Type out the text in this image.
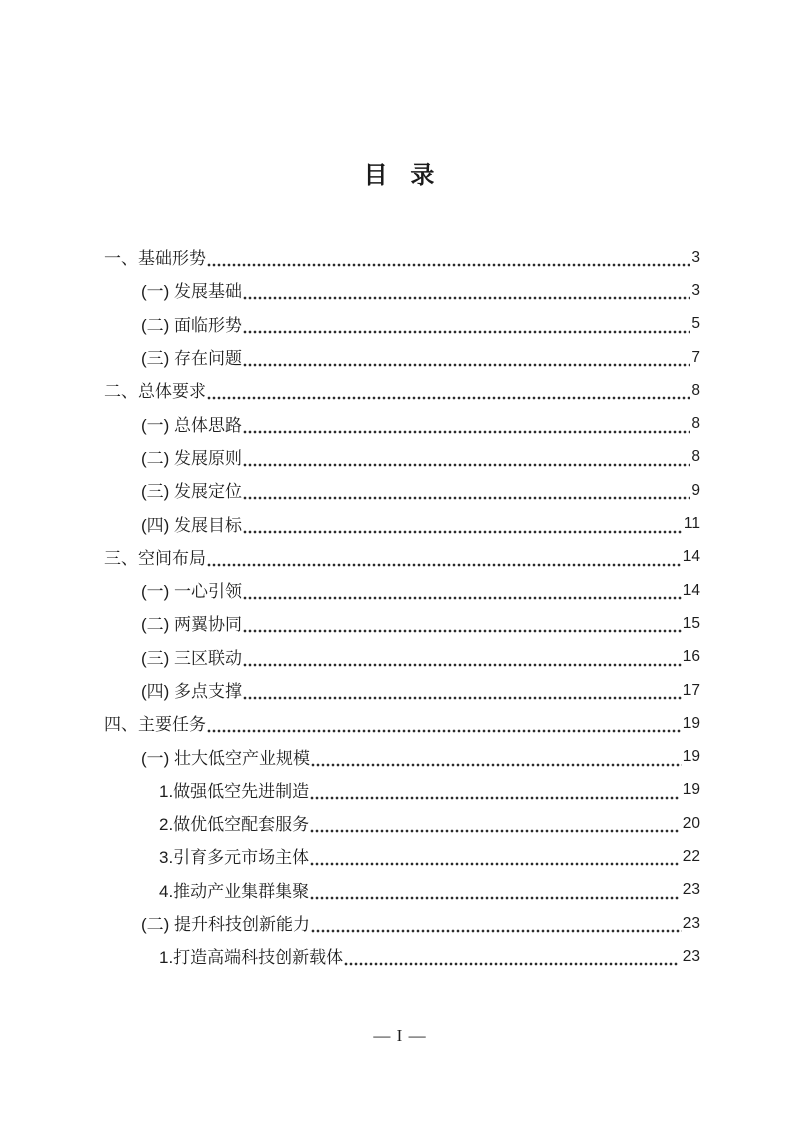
目 录
一、基础形势	3
(一) 发展基础	3
(二) 面临形势	5
(三) 存在问题	7
二、总体要求	8
(一) 总体思路	8
(二) 发展原则	8
(三) 发展定位	9
(四) 发展目标	11
三、空间布局	14
(一) 一心引领	14
(二) 两翼协同	15
(三) 三区联动	16
(四) 多点支撑	17
四、主要任务	19
(一) 壮大低空产业规模	19
1.做强低空先进制造	19
2.做优低空配套服务	20
3.引育多元市场主体	22
4.推动产业集群集聚	23
(二) 提升科技创新能力	23
1.打造高端科技创新载体	23
— I —
